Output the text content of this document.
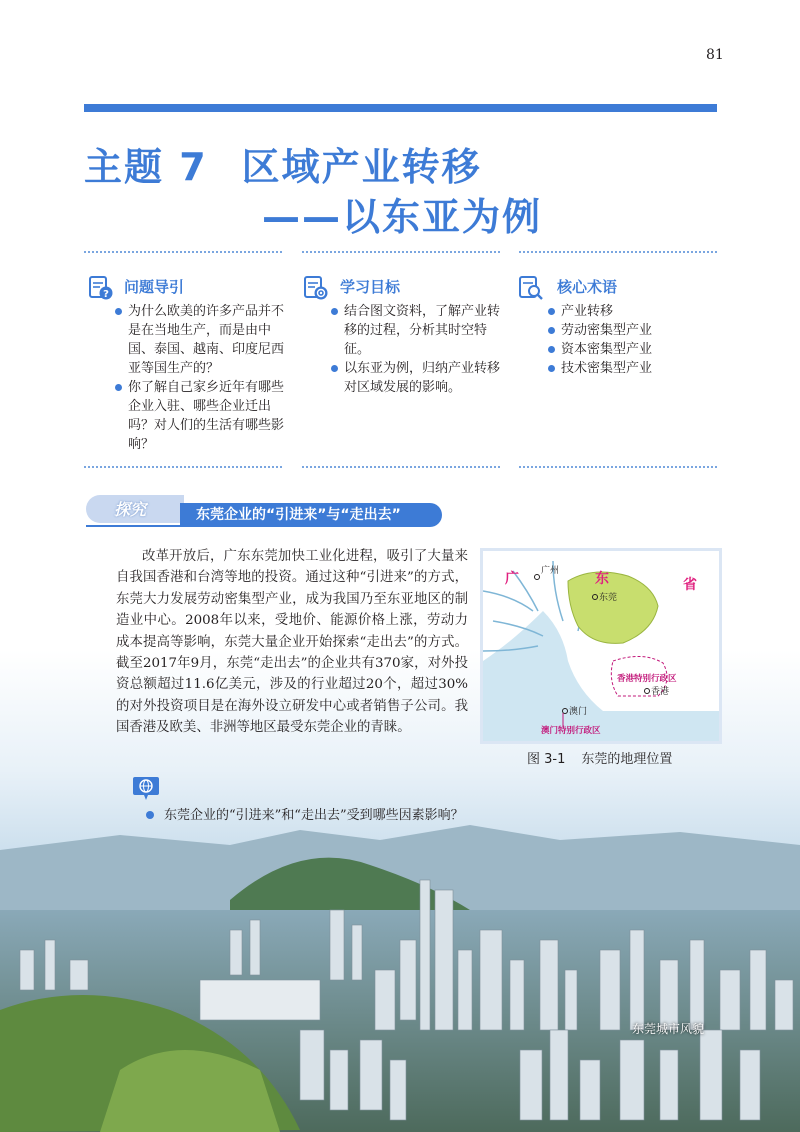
81
主题 7 区域产业转移
——以东亚为例
? 问题导引
为什么欧美的许多产品并不是在当地生产，而是由中国、泰国、越南、印度尼西亚等国生产的？
你了解自己家乡近年有哪些企业入驻、哪些企业迁出吗？对人们的生活有哪些影响？
学习目标
结合图文资料，了解产业转移的过程，分析其时空特征。
以东亚为例，归纳产业转移对区域发展的影响。
核心术语
产业转移
劳动密集型产业
资本密集型产业
技术密集型产业
探究	东莞企业的“引进来”与“走出去”

改革开放后，广东东莞加快工业化进程，吸引了大量来自我国香港和台湾等地的投资。通过这种“引进来”的方式，东莞大力发展劳动密集型产业，成为我国乃至东亚地区的制造业中心。2008年以来，受地价、能源价格上涨，劳动力成本提高等影响，东莞大量企业开始探索“走出去”的方式。截至2017年9月，东莞“走出去”的企业共有370家，对外投资总额超过11.6亿美元，涉及的行业超过20个，超过30%的对外投资项目是在海外设立研发中心或者销售子公司。我国香港及欧美、非洲等地区最受东莞企业的青睐。

广	东	省
广州
东莞
香港特别行政区
香港
澳门
澳门特别行政区
图 3-1 东莞的地理位置
东莞企业的“引进来”和“走出去”受到哪些因素影响？
东莞城市风貌
